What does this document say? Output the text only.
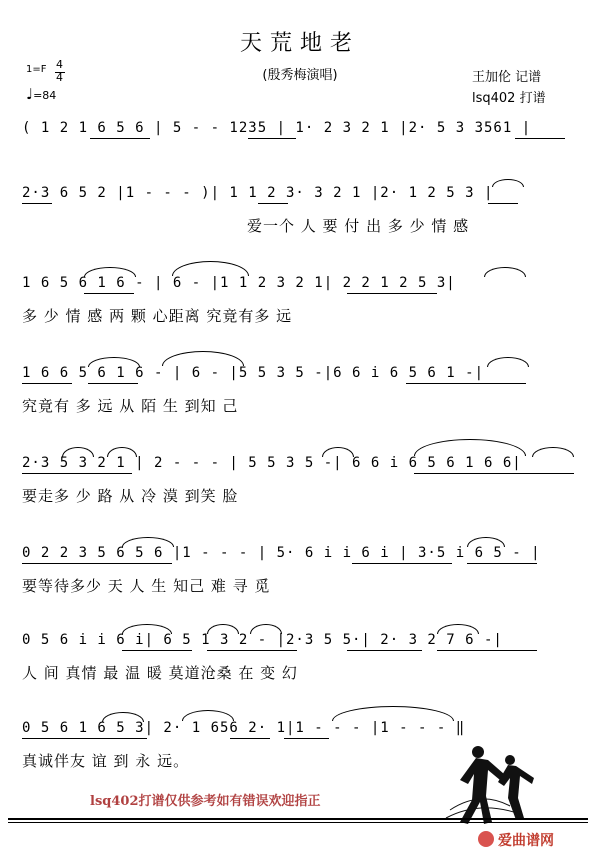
天荒地老
(殷秀梅演唱)	王加伦 记谱
lsq402 打谱
1=F 4
4
♩=84
( 1 2 1 6 5 6 | 5 - - 1235 | 1· 2 3 2 1 |2· 5 3 3561 |
2·3 6 5 2 |1 - - - )| 1 1 2 3· 3 2 1 |2· 1 2 5 3 |
爱一个 人 要 付 出 多 少 情 感
1 6 5 6 1 6 - | 6 - |1 1 2 3 2 1| 2 2 1 2 5 3|
多 少 情 感 两 颗 心距离 究竟有多 远
1 6 6 5 6 1 6 - | 6 - |5 5 3 5 -|6 6 i 6 5 6 1 -|
究竟有 多 远 从 陌 生 到知 己
2·3 5 3 2 1 | 2 - - - | 5 5 3 5 -| 6 6 i 6 5 6 1 6 6|
要走多 少 路 从 冷 漠 到笑 脸
0 2 2 3 5 6 5 6 |1 - - - | 5· 6 i i 6 i | 3·5 i 6 5 - |
要等待多少 天 人 生 知己 难 寻 觅
0 5 6 i i 6 i| 6 5 1 3 2 - |2·3 5 5·| 2· 3 2 7 6 -|
人 间 真情 最 温 暖 莫道沧桑 在 变 幻
0 5 6 1 6 5 3| 2· 1 656 2· 1|1 - - - |1 - - - ‖
真诚伴友 谊 到 永 远。
lsq402打谱仅供参考如有错误欢迎指正
爱曲谱网
